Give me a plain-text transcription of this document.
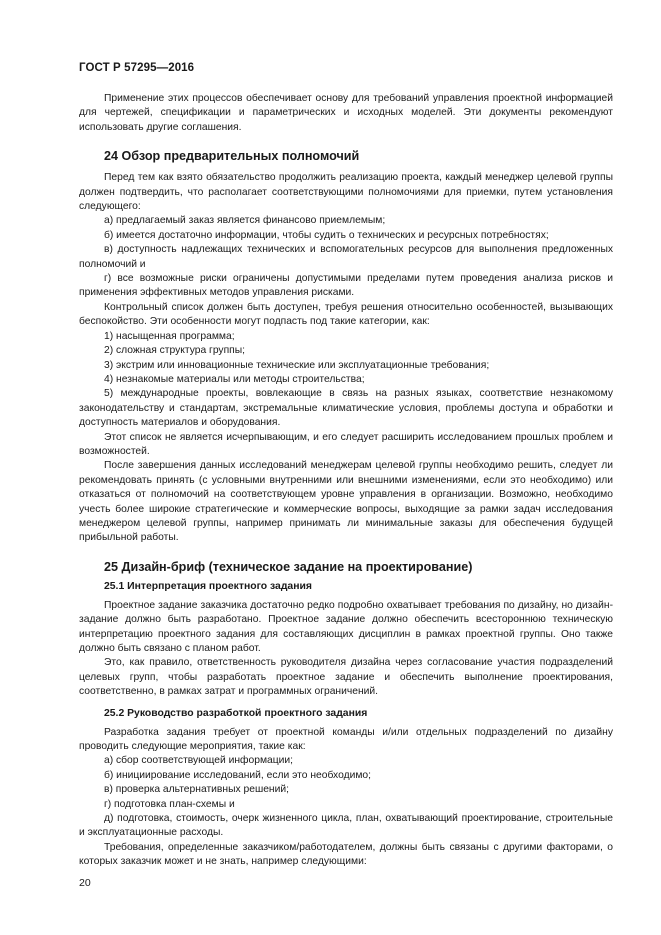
ГОСТ Р 57295—2016

Применение этих процессов обеспечивает основу для требований управления проектной информацией для чертежей, спецификации и параметрических и исходных моделей. Эти документы рекомендуют использовать другие соглашения.

24 Обзор предварительных полномочий

Перед тем как взято обязательство продолжить реализацию проекта, каждый менеджер целевой группы должен подтвердить, что располагает соответствующими полномочиями для приемки, путем установления следующего:

а) предлагаемый заказ является финансово приемлемым;

б) имеется достаточно информации, чтобы судить о технических и ресурсных потребностях;

в) доступность надлежащих технических и вспомогательных ресурсов для выполнения предложенных полномочий и

г) все возможные риски ограничены допустимыми пределами путем проведения анализа рисков и применения эффективных методов управления рисками.

Контрольный список должен быть доступен, требуя решения относительно особенностей, вызывающих беспокойство. Эти особенности могут подпасть под такие категории, как:

1) насыщенная программа;

2) сложная структура группы;

3) экстрим или инновационные технические или эксплуатационные требования;

4) незнакомые материалы или методы строительства;

5) международные проекты, вовлекающие в связь на разных языках, соответствие незнакомому законодательству и стандартам, экстремальные климатические условия, проблемы доступа и обработки и доступность материалов и оборудования.

Этот список не является исчерпывающим, и его следует расширить исследованием прошлых проблем и возможностей.

После завершения данных исследований менеджерам целевой группы необходимо решить, следует ли рекомендовать принять (с условными внутренними или внешними изменениями, если это необходимо) или отказаться от полномочий на соответствующем уровне управления в организации. Возможно, необходимо учесть более широкие стратегические и коммерческие вопросы, выходящие за рамки задач исследования менеджером целевой группы, например принимать ли минимальные заказы для обеспечения будущей прибыльной работы.

25 Дизайн-бриф (техническое задание на проектирование)
25.1 Интерпретация проектного задания

Проектное задание заказчика достаточно редко подробно охватывает требования по дизайну, но дизайн-задание должно быть разработано. Проектное задание должно обеспечить всестороннюю техническую интерпретацию проектного задания для составляющих дисциплин в рамках проектной группы. Оно также должно быть связано с планом работ.

Это, как правило, ответственность руководителя дизайна через согласование участия подразделений целевых групп, чтобы разработать проектное задание и обеспечить выполнение проектирования, соответственно, в рамках затрат и программных ограничений.

25.2 Руководство разработкой проектного задания

Разработка задания требует от проектной команды и/или отдельных подразделений по дизайну проводить следующие мероприятия, такие как:

а) сбор соответствующей информации;

б) инициирование исследований, если это необходимо;

в) проверка альтернативных решений;

г) подготовка план-схемы и

д) подготовка, стоимость, очерк жизненного цикла, план, охватывающий проектирование, строительные и эксплуатационные расходы.

Требования, определенные заказчиком/работодателем, должны быть связаны с другими факторами, о которых заказчик может и не знать, например следующими:

20
